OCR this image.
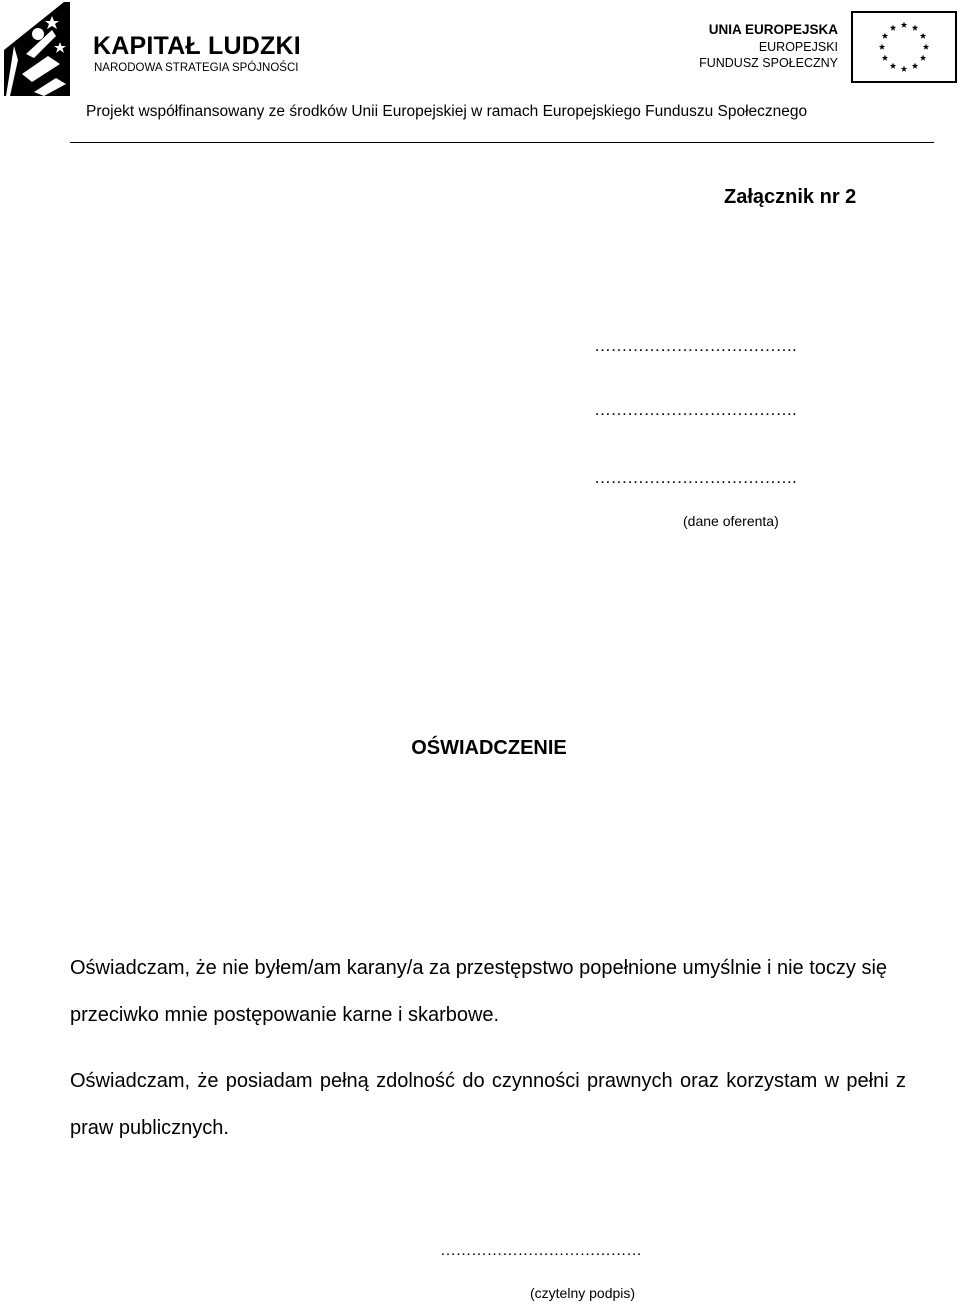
KAPITAŁ LUDZKI
NARODOWA STRATEGIA SPÓJNOŚCI
UNIA EUROPEJSKA
EUROPEJSKI
FUNDUSZ SPOŁECZNY
Projekt współfinansowany ze środków Unii Europejskiej w ramach Europejskiego Funduszu Społecznego
Załącznik nr 2
……………………………….
……………………………….
……………………………….
(dane oferenta)
OŚWIADCZENIE
Oświadczam, że nie byłem/am karany/a za przestępstwo popełnione umyślnie i nie toczy się przeciwko mnie postępowanie karne i skarbowe.
Oświadczam, że posiadam pełną zdolność do czynności prawnych oraz korzystam w pełni z praw publicznych.
…………………………………
(czytelny podpis)
